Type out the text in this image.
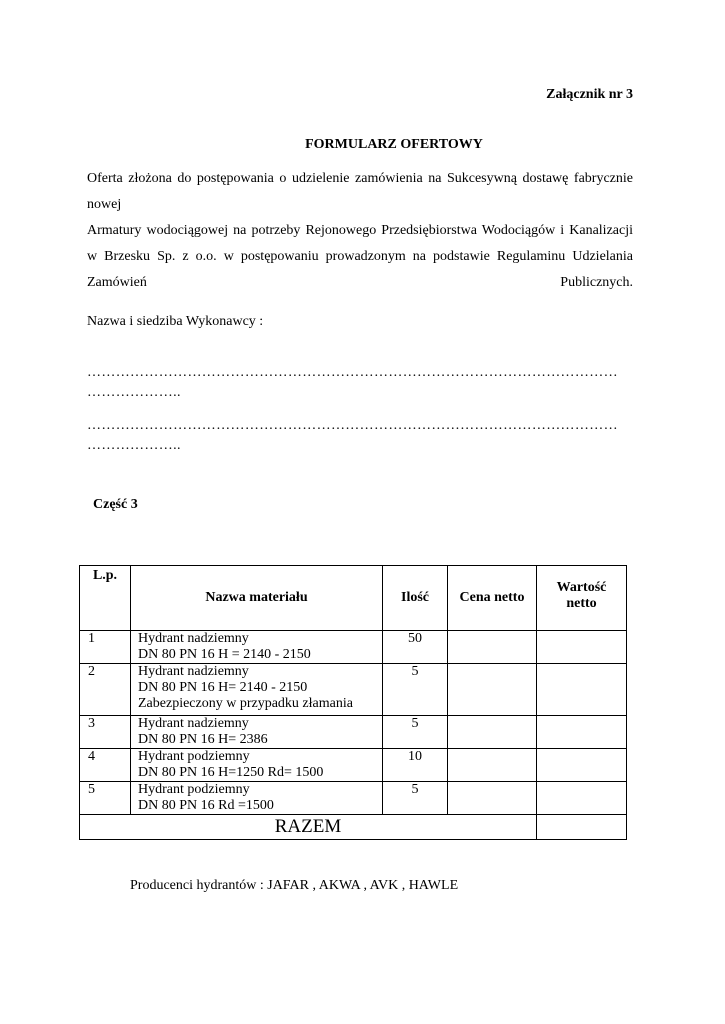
Załącznik nr 3
FORMULARZ OFERTOWY

Oferta złożona do postępowania o udzielenie zamówienia na Sukcesywną dostawę fabrycznie nowej

Armatury wodociągowej na potrzeby Rejonowego Przedsiębiorstwa Wodociągów i Kanalizacji w Brzesku Sp. z o.o. w postępowaniu prowadzonym na podstawie Regulaminu Udzielania Zamówień Publicznych.

Nazwa i siedziba Wykonawcy :
…………………………………………………………………………………………………
………………..
…………………………………………………………………………………………………
………………..
Część 3
L.p.	Nazwa materiału	Ilość	Cena netto	Wartość netto
1	Hydrant nadziemny
DN 80 PN 16 H = 2140 - 2150	50		
2	Hydrant nadziemny
DN 80 PN 16 H= 2140 - 2150
Zabezpieczony w przypadku złamania	5		
3	Hydrant nadziemny
DN 80 PN 16 H= 2386	5		
4	Hydrant podziemny
DN 80 PN 16 H=1250 Rd= 1500	10		
5	Hydrant podziemny
DN 80 PN 16 Rd =1500	5		
RAZEM				
Producenci hydrantów : JAFAR , AKWA , AVK , HAWLE
